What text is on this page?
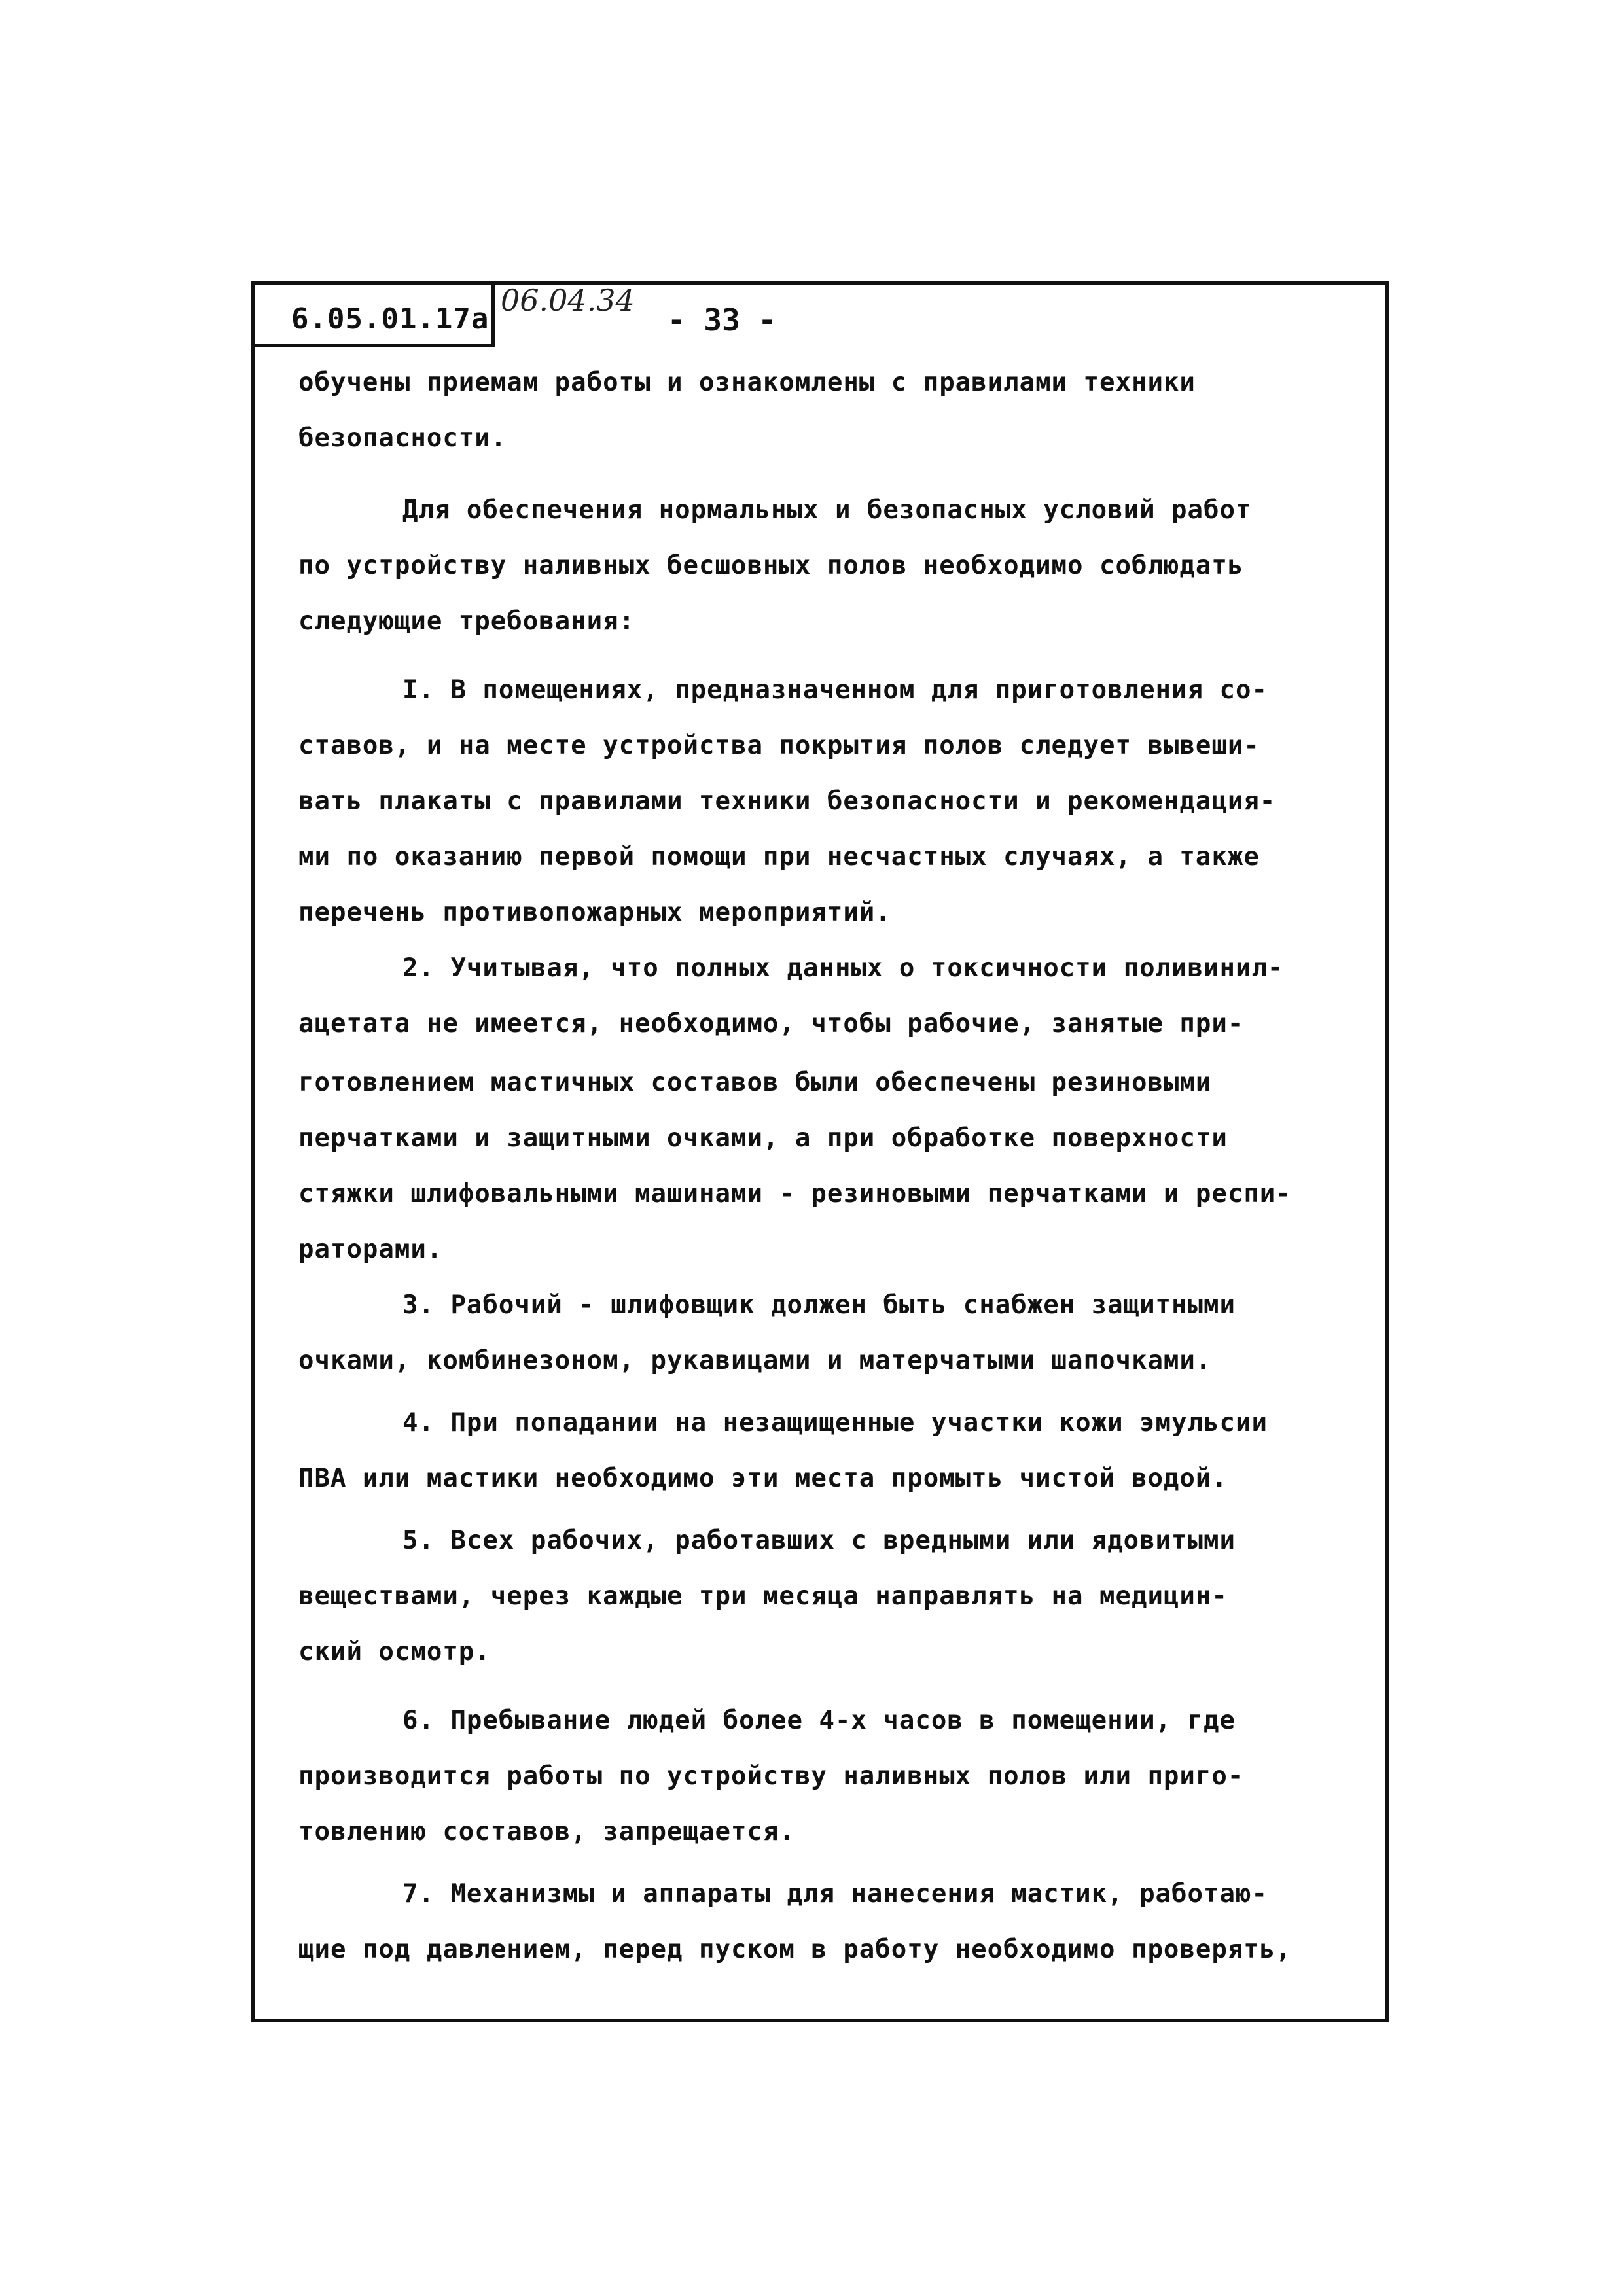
6.05.01.17а
06.04.34
- 33 -
обучены приемам работы и ознакомлены с правилами техники
безопасности.
Для обеспечения нормальных и безопасных условий работ
по устройству наливных бесшовных полов необходимо соблюдать
следующие требования:
I. В помещениях, предназначенном для приготовления со-
ставов, и на месте устройства покрытия полов следует вывеши-
вать плакаты с правилами техники безопасности и рекомендация-
ми по оказанию первой помощи при несчастных случаях, а также
перечень противопожарных мероприятий.
2. Учитывая, что полных данных о токсичности поливинил-
ацетата не имеется, необходимо, чтобы рабочие, занятые при-
готовлением мастичных составов были обеспечены резиновыми
перчатками и защитными очками, а при обработке поверхности
стяжки шлифовальными машинами - резиновыми перчатками и респи-
раторами.
3. Рабочий - шлифовщик должен быть снабжен защитными
очками, комбинезоном, рукавицами и матерчатыми шапочками.
4. При попадании на незащищенные участки кожи эмульсии
ПВА или мастики необходимо эти места промыть чистой водой.
5. Всех рабочих, работавших с вредными или ядовитыми
веществами, через каждые три месяца направлять на медицин-
ский осмотр.
6. Пребывание людей более 4-х часов в помещении, где
производится работы по устройству наливных полов или приго-
товлению составов, запрещается.
7. Механизмы и аппараты для нанесения мастик, работаю-
щие под давлением, перед пуском в работу необходимо проверять,
